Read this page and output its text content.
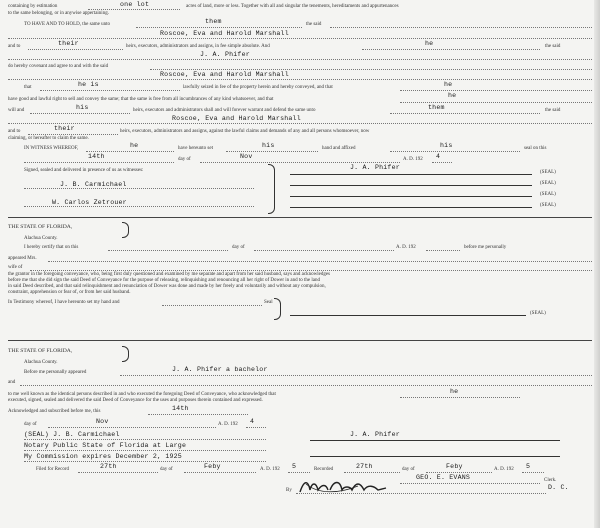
containing by estimation	one lot	acres of land, more or less. Together with all and singular the tenements, hereditaments and appurtenances
to the same belonging, or in anywise appertaining.
TO HAVE AND TO HOLD, the same unto	them	the said
Roscoe, Eva and Harold Marshall
and to	their	heirs, executors, administrators and assigns, in fee simple absolute. And	he	the said
J. A. Phifer
do hereby covenant and agree to and with the said
Roscoe, Eva and Harold Marshall
that	he is	lawfully seized in fee of the property herein and hereby conveyed, and that	he
have good and lawful right to sell and convey the same; that the same is free from all incumbrances of any kind whatsoever, and that
he
will and	his	heirs, executors and administrators shall and will forever warrant and defend the same unto	them	the said
Roscoe, Eva and Harold Marshall
and to	their	heirs, executors, administrators and assigns, against the lawful claims and demands of any and all persons whomsoever, now
claiming, or hereafter to claim the same.
IN WITNESS WHEREOF,	he	have hereunto set	his	hand and affixed	his	seal on this
14th	day of	Nov	A. D. 192 4
Signed, sealed and delivered in presence of us as witnesses:	J. A. Phifer
(SEAL)
(SEAL)
(SEAL)
(SEAL)
J. B. Carmichael
W. Carlos Zetrouer
THE STATE OF FLORIDA,
Alachua County.
I hereby certify that on this	day of	A. D. 192	before me personally
appeared Mrs.
wife of
the grantor in the foregoing conveyance, who, being first duly questioned and examined by me separate and apart from her said husband, says and acknowledges
before me that she did sign the said Deed of Conveyance for the purpose of releasing, relinquishing and renouncing all her right of Dower in and to the land
in said Deed described, and that said relinquishment and renunciation of Dower was done and made by her freely and voluntarily and without any compulsion,
constraint, apprehension or fear of, or from her said husband.
In Testimony whereof, I have hereunto set my hand and	Seal
(SEAL)
THE STATE OF FLORIDA,
Alachua County.
Before me personally appeared	J. A. Phifer a bachelor
and
to me well known as the identical persons described in and who executed the foregoing Deed of Conveyance, who acknowledged that	he
executed, signed, sealed and delivered the said Deed of Conveyance for the uses and purposes therein contained and expressed.
Acknowledged and subscribed before me, this	14th
day of	Nov	A. D. 192 4
(SEAL) J. B. Carmichael
Notary Public State of Florida at Large
My Commission expires December 2, 1925
J. A. Phifer
Filed for Record	27th	day of	Feby	A. D. 192 5	Recorded	27th	day of	Feby	A. D. 192 5
GEO. E. EVANS	Clerk.
By	D. C.
